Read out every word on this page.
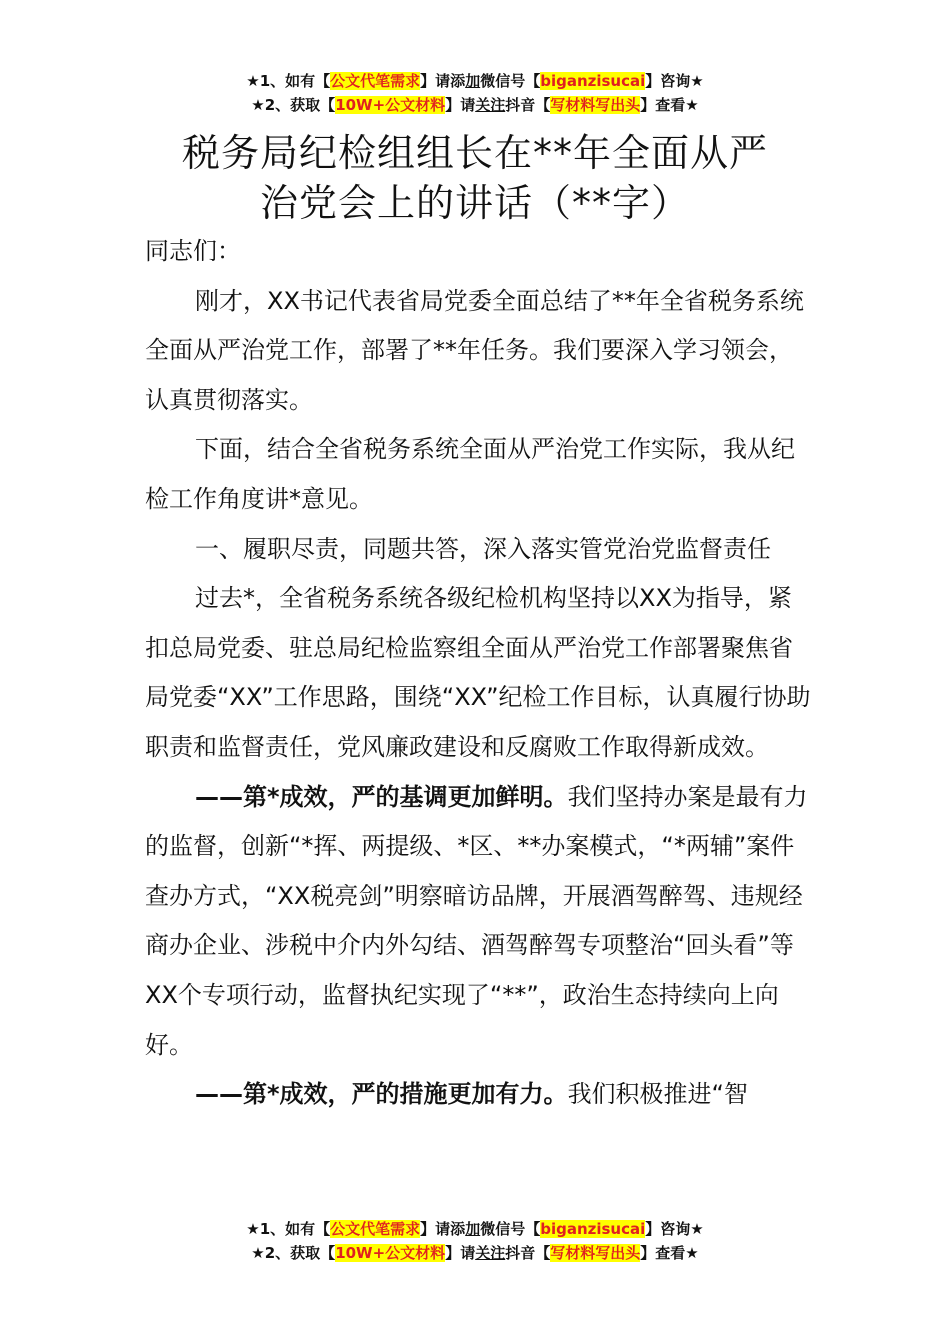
★1、如有【公文代笔需求】请添加微信号【biganzisucai】咨询★
★2、获取【10W+公文材料】请关注抖音【写材料写出头】查看★
税务局纪检组组长在**年全面从严
治党会上的讲话（**字）

同志们：

刚才，XX书记代表省局党委全面总结了**年全省税务系统全面从严治党工作，部署了**年任务。我们要深入学习领会，认真贯彻落实。

下面，结合全省税务系统全面从严治党工作实际，我从纪检工作角度讲*意见。

一、履职尽责，同题共答，深入落实管党治党监督责任

过去*，全省税务系统各级纪检机构坚持以XX为指导，紧扣总局党委、驻总局纪检监察组全面从严治党工作部署聚焦省局党委“XX”工作思路，围绕“XX”纪检工作目标，认真履行协助职责和监督责任，党风廉政建设和反腐败工作取得新成效。

——第*成效，严的基调更加鲜明。我们坚持办案是最有力的监督，创新“*挥、两提级、*区、**办案模式，“*两辅”案件查办方式，“XX税亮剑”明察暗访品牌，开展酒驾醉驾、违规经商办企业、涉税中介内外勾结、酒驾醉驾专项整治“回头看”等XX个专项行动，监督执纪实现了“**”，政治生态持续向上向好。

——第*成效，严的措施更加有力。我们积极推进“智

★1、如有【公文代笔需求】请添加微信号【biganzisucai】咨询★
★2、获取【10W+公文材料】请关注抖音【写材料写出头】查看★
